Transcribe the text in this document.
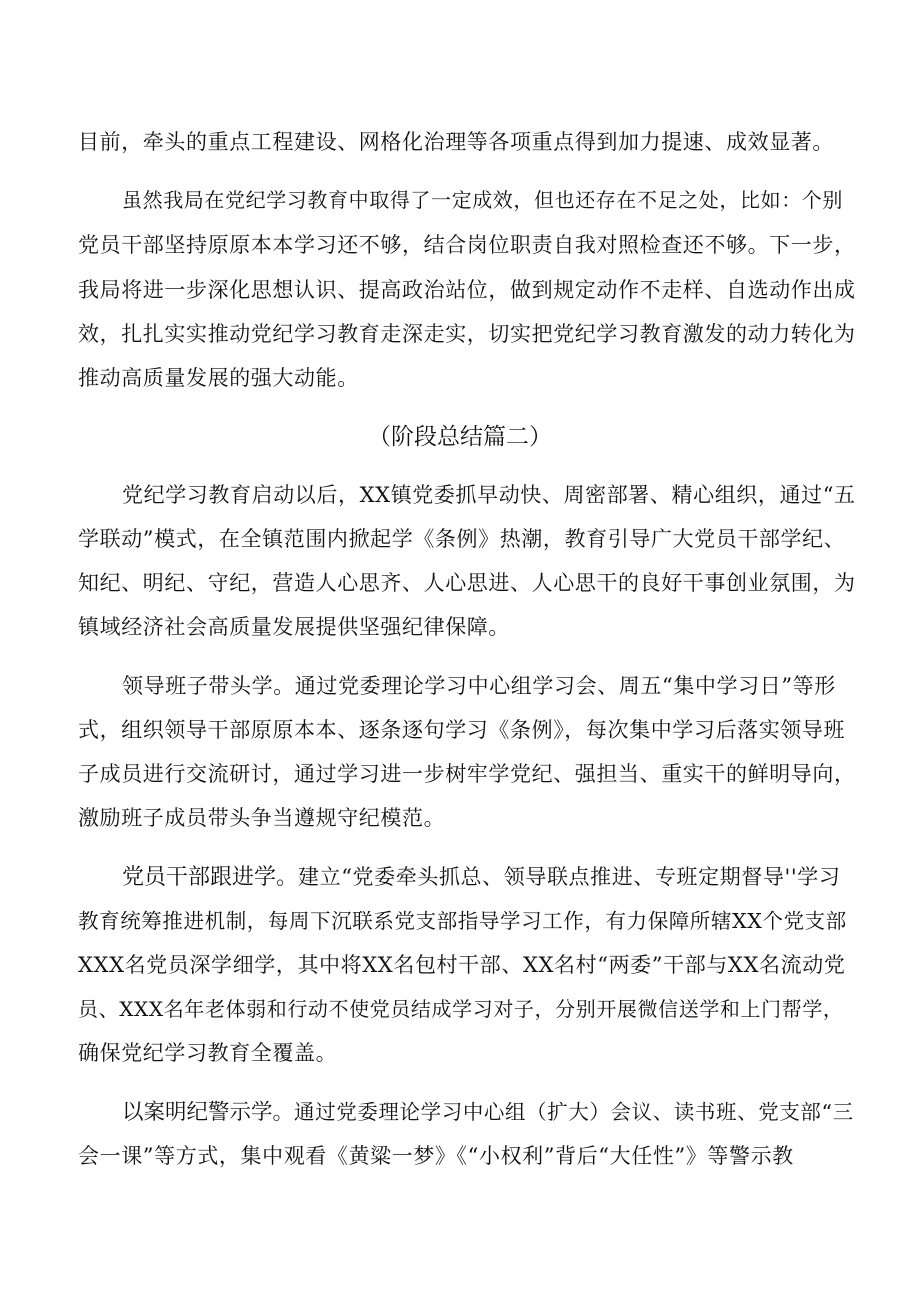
目前，牵头的重点工程建设、网格化治理等各项重点得到加力提速、成效显著。
虽然我局在党纪学习教育中取得了一定成效，但也还存在不足之处，比如：个别
党员干部坚持原原本本学习还不够，结合岗位职责自我对照检查还不够。下一步，
我局将进一步深化思想认识、提高政治站位，做到规定动作不走样、自选动作出成
效，扎扎实实推动党纪学习教育走深走实，切实把党纪学习教育激发的动力转化为
推动高质量发展的强大动能。
（阶段总结篇二）
党纪学习教育启动以后，XX镇党委抓早动快、周密部署、精心组织，通过“五
学联动”模式，在全镇范围内掀起学《条例》热潮，教育引导广大党员干部学纪、
知纪、明纪、守纪，营造人心思齐、人心思进、人心思干的良好干事创业氛围，为
镇域经济社会高质量发展提供坚强纪律保障。
领导班子带头学。通过党委理论学习中心组学习会、周五“集中学习日”等形
式，组织领导干部原原本本、逐条逐句学习《条例》，每次集中学习后落实领导班
子成员进行交流研讨，通过学习进一步树牢学党纪、强担当、重实干的鲜明导向，
激励班子成员带头争当遵规守纪模范。
党员干部跟进学。建立“党委牵头抓总、领导联点推进、专班定期督导''学习
教育统筹推进机制，每周下沉联系党支部指导学习工作，有力保障所辖XX个党支部
XXX名党员深学细学，其中将XX名包村干部、XX名村“两委”干部与XX名流动党
员、XXX名年老体弱和行动不使党员结成学习对子，分别开展微信送学和上门帮学，
确保党纪学习教育全覆盖。
以案明纪警示学。通过党委理论学习中心组（扩大）会议、读书班、党支部“三
会一课”等方式，集中观看《黄粱一梦》《“小权利”背后“大任性”》等警示教
